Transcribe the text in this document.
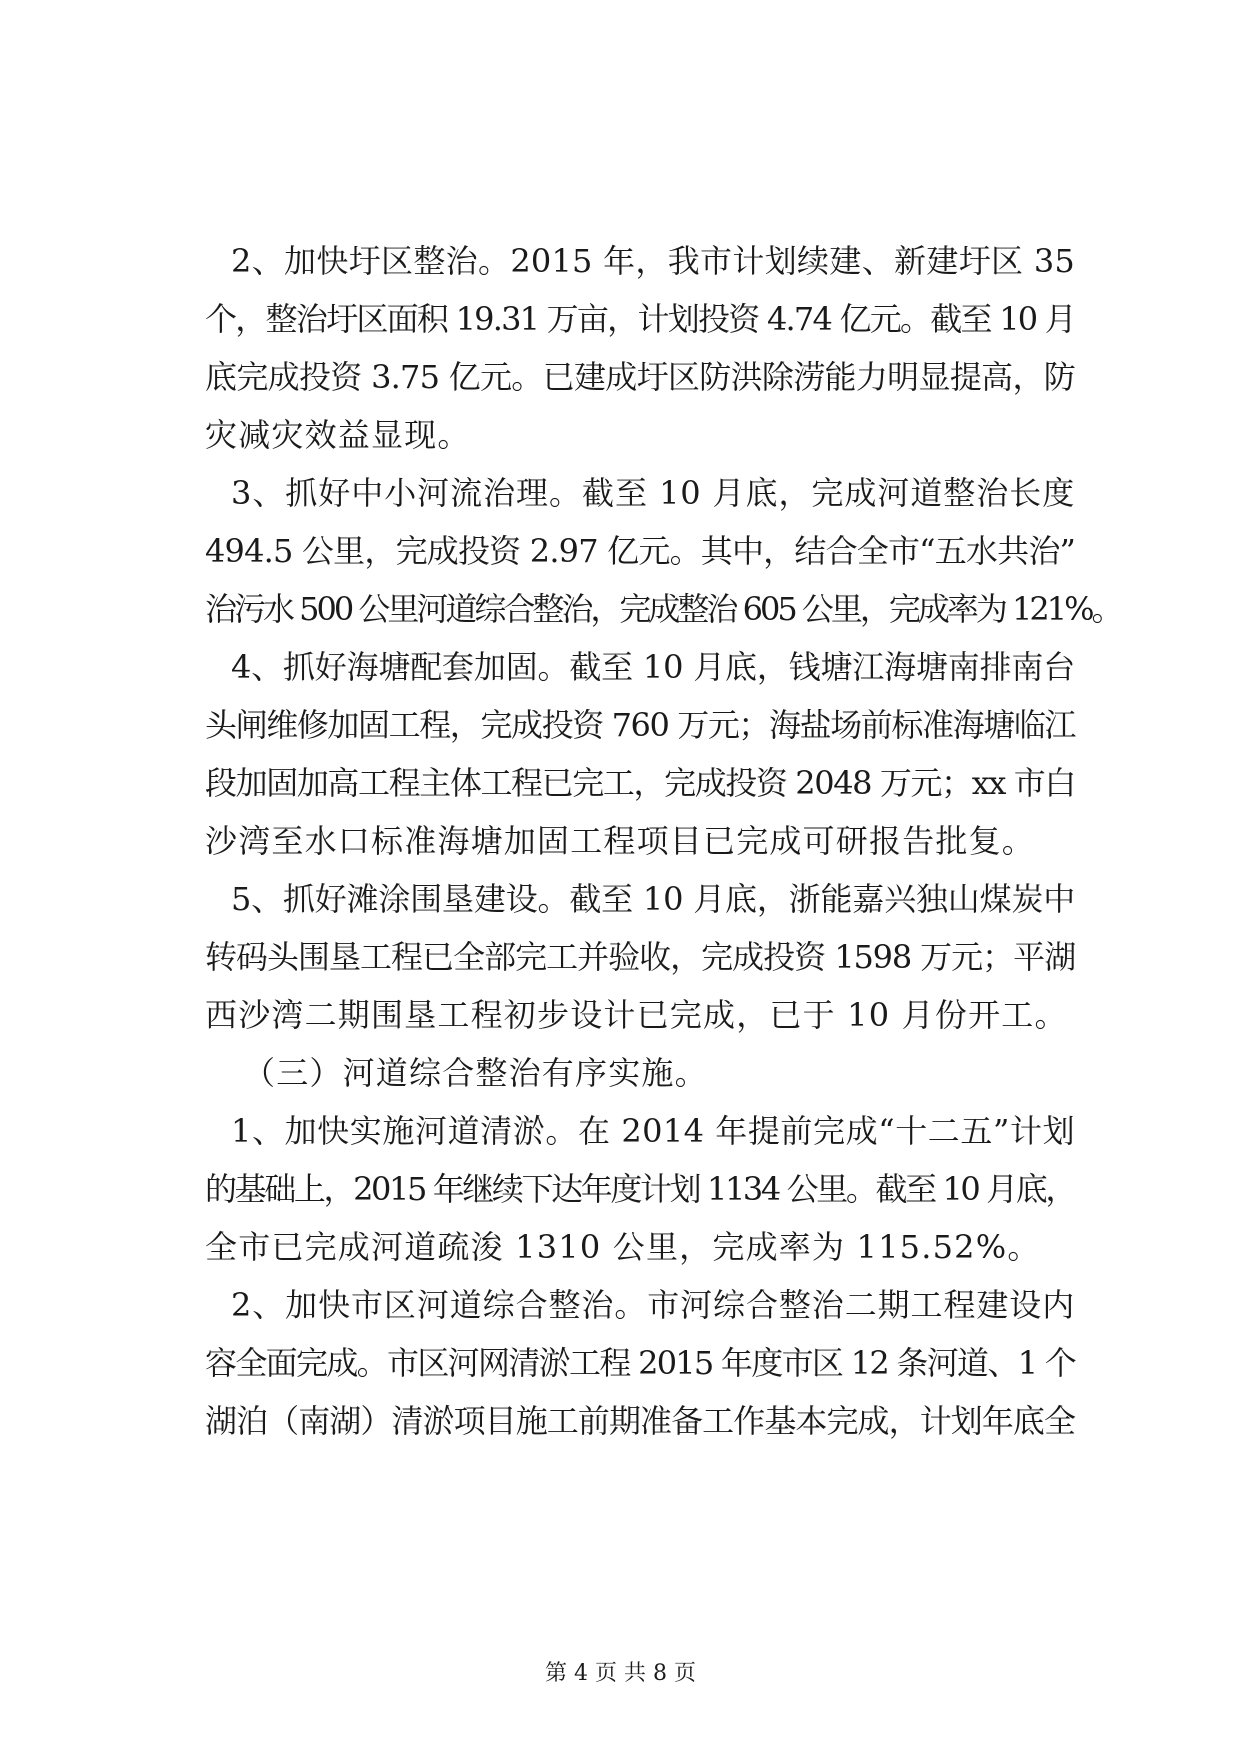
2、加快圩区整治。2015 年，我市计划续建、新建圩区 35
个，整治圩区面积 19.31 万亩，计划投资 4.74 亿元。截至 10 月
底完成投资 3.75 亿元。已建成圩区防洪除涝能力明显提高，防
灾减灾效益显现。
3、抓好中小河流治理。截至 10 月底，完成河道整治长度
494.5 公里，完成投资 2.97 亿元。其中，结合全市“五水共治”
治污水 500 公里河道综合整治，完成整治 605 公里，完成率为 121%。
4、抓好海塘配套加固。截至 10 月底，钱塘江海塘南排南台
头闸维修加固工程，完成投资 760 万元；海盐场前标准海塘临江
段加固加高工程主体工程已完工，完成投资 2048 万元；xx 市白
沙湾至水口标准海塘加固工程项目已完成可研报告批复。
5、抓好滩涂围垦建设。截至 10 月底，浙能嘉兴独山煤炭中
转码头围垦工程已全部完工并验收，完成投资 1598 万元；平湖
西沙湾二期围垦工程初步设计已完成，已于 10 月份开工。
（三）河道综合整治有序实施。
1、加快实施河道清淤。在 2014 年提前完成“十二五”计划
的基础上，2015 年继续下达年度计划 1134 公里。截至 10 月底，
全市已完成河道疏浚 1310 公里，完成率为 115.52%。
2、加快市区河道综合整治。市河综合整治二期工程建设内
容全面完成。市区河网清淤工程 2015 年度市区 12 条河道、1 个
湖泊（南湖）清淤项目施工前期准备工作基本完成，计划年底全
第 4 页 共 8 页
